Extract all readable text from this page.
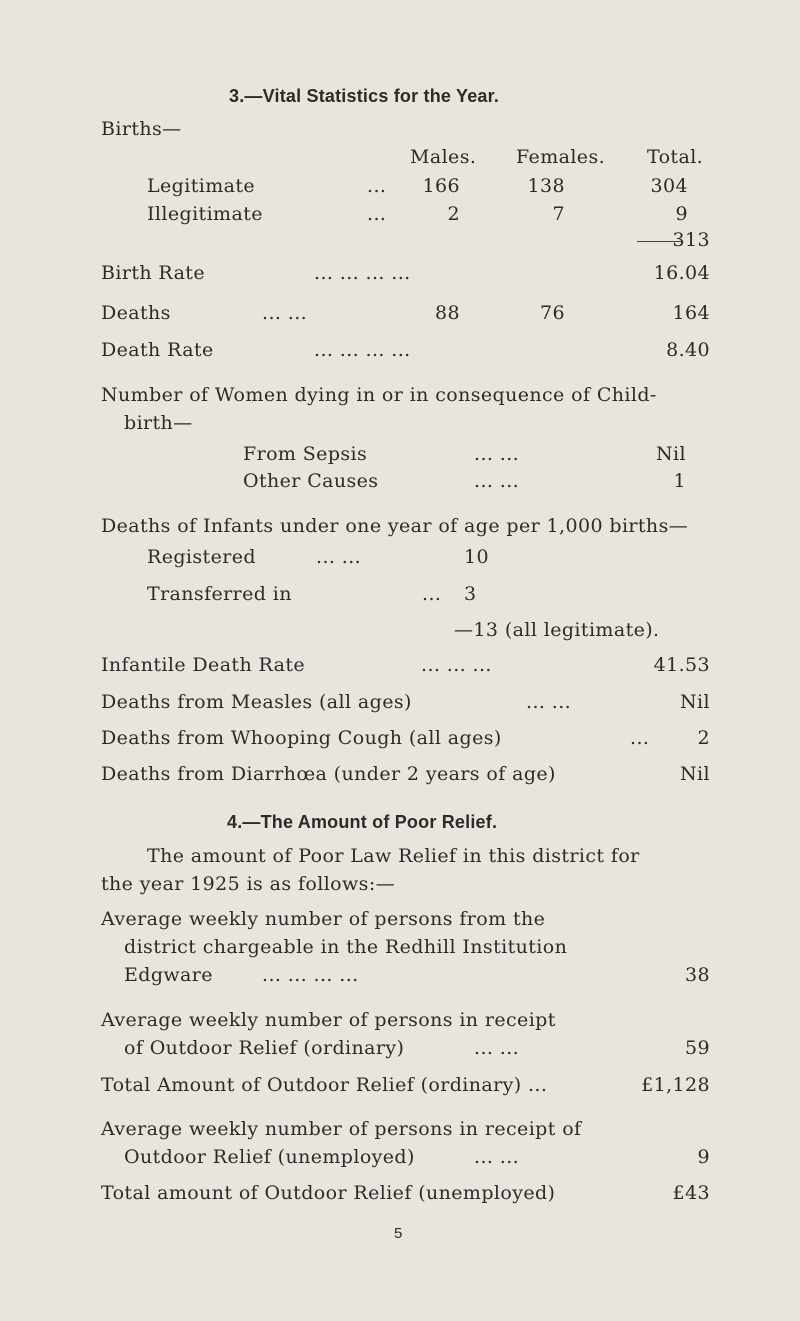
3.—Vital Statistics for the Year.
Births—
Males. Females. Total.
Legitimate	...	166	138	304
Illegitimate	...	2	7	9
313
Birth Rate	... ... ... ...	16.04
Deaths	... ...	88	76	164
Death Rate	... ... ... ...	8.40
Number of Women dying in or in consequence of Child-
birth—
From Sepsis	... ...	Nil
Other Causes	... ...	1
Deaths of Infants under one year of age per 1,000 births—
Registered	... ...	10
Transferred in	... 3
—13 (all legitimate).
Infantile Death Rate	... ... ...	41.53
Deaths from Measles (all ages)	... ...	Nil
Deaths from Whooping Cough (all ages)	...	2
Deaths from Diarrhœa (under 2 years of age)	Nil
4.—The Amount of Poor Relief.
The amount of Poor Law Relief in this district for
the year 1925 is as follows:—
Average weekly number of persons from the
district chargeable in the Redhill Institution
Edgware	... ... ... ...	38
Average weekly number of persons in receipt
of Outdoor Relief (ordinary)	... ...	59
Total Amount of Outdoor Relief (ordinary) ...	£1,128
Average weekly number of persons in receipt of
Outdoor Relief (unemployed)	... ...	9
Total amount of Outdoor Relief (unemployed)	£43
5
